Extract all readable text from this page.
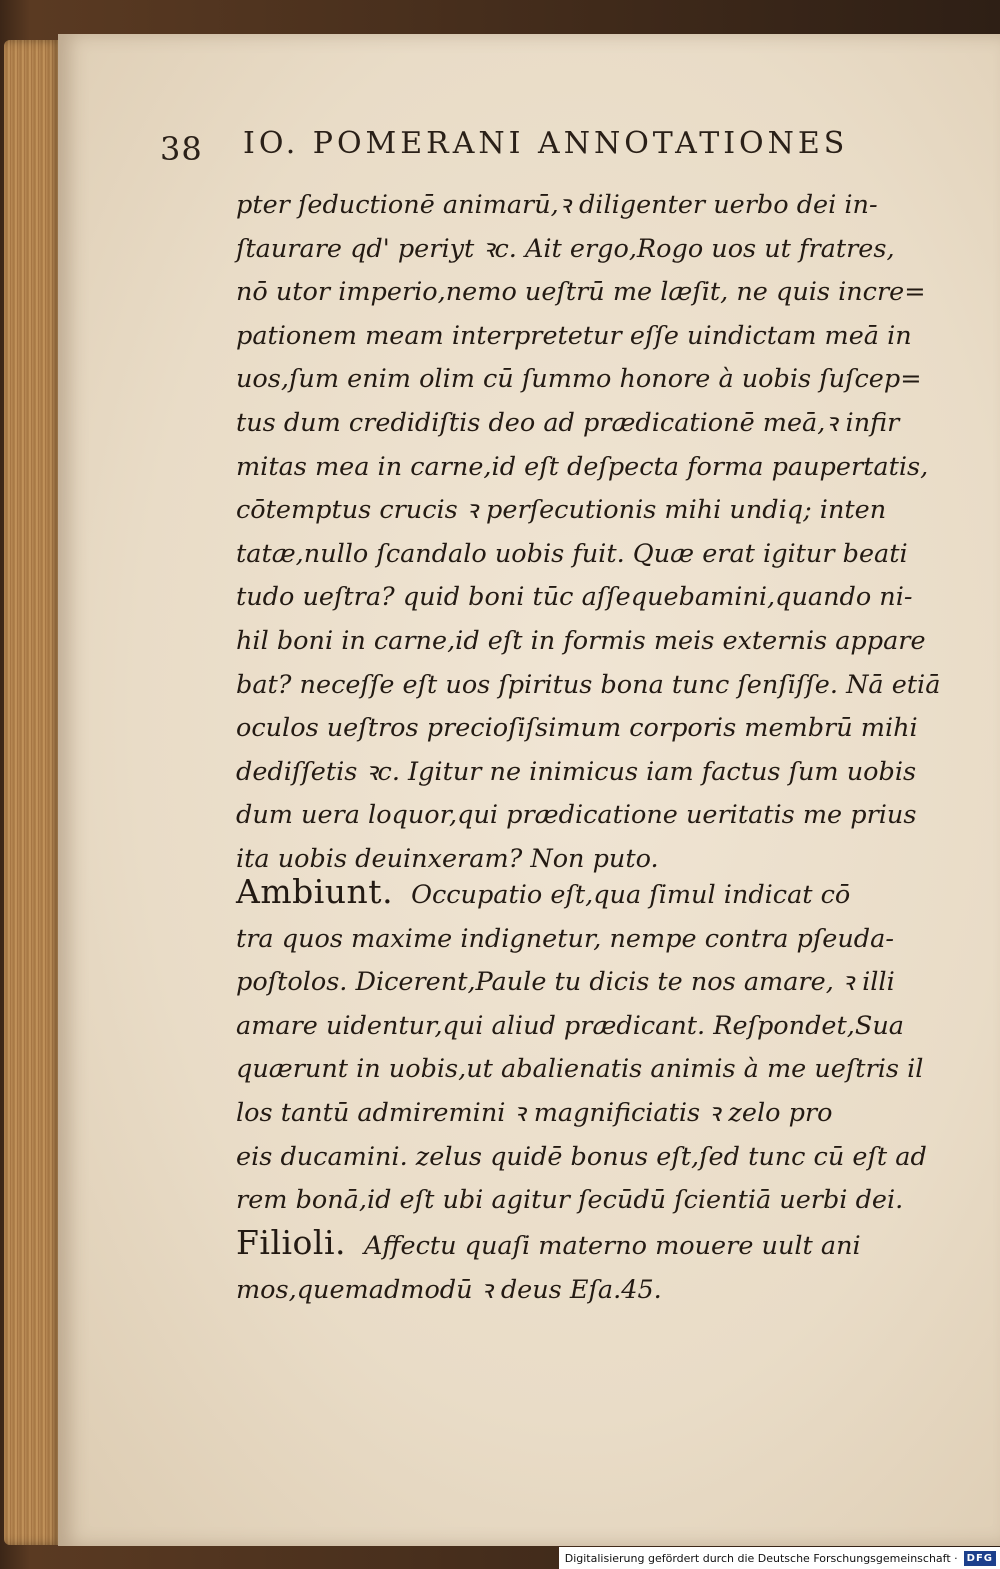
38 IO. POMERANI ANNOTATIONES
pter ſeductionē animarū,ꝛ diligenter uerbo dei in-
ſtaurare qd' periyt ꝛc. Ait ergo,Rogo uos ut fratres,
nō utor imperio,nemo ueſtrū me læſit, ne quis incre=
pationem meam interpretetur eſſe uindictam meā in
uos,ſum enim olim cū ſummo honore à uobis ſuſcep=
tus dum credidiſtis deo ad prædicationē meā,ꝛ infir
mitas mea in carne,id eſt deſpecta forma paupertatis,
cōtemptus crucis ꝛ perſecutionis mihi undiq; inten
tatæ,nullo ſcandalo uobis fuit. Quæ erat igitur beati
tudo ueſtra? quid boni tūc aſſequebamini,quando ni-
hil boni in carne,id eſt in formis meis externis appare
bat? neceſſe eſt uos ſpiritus bona tunc ſenſiſſe. Nā etiā
oculos ueſtros precioſiſsimum corporis membrū mihi
dediſſetis ꝛc. Igitur ne inimicus iam factus ſum uobis
dum uera loquor,qui prædicatione ueritatis me prius
ita uobis deuinxeram? Non puto.
Ambiunt. Occupatio eſt,qua ſimul indicat cō
tra quos maxime indignetur, nempe contra pſeuda-
poſtolos. Dicerent,Paule tu dicis te nos amare, ꝛ illi
amare uidentur,qui aliud prædicant. Reſpondet,Sua
quærunt in uobis,ut abalienatis animis à me ueſtris il
los tantū admiremini ꝛ magnificiatis ꝛ zelo pro
eis ducamini. zelus quidē bonus eſt,ſed tunc cū eſt ad
rem bonā,id eſt ubi agitur ſecūdū ſcientiā uerbi dei.
Filioli. Affectu quaſi materno mouere uult ani
mos,quemadmodū ꝛ deus Eſa.45.
Digitalisierung gefördert durch die Deutsche Forschungsgemeinschaft · DFG
